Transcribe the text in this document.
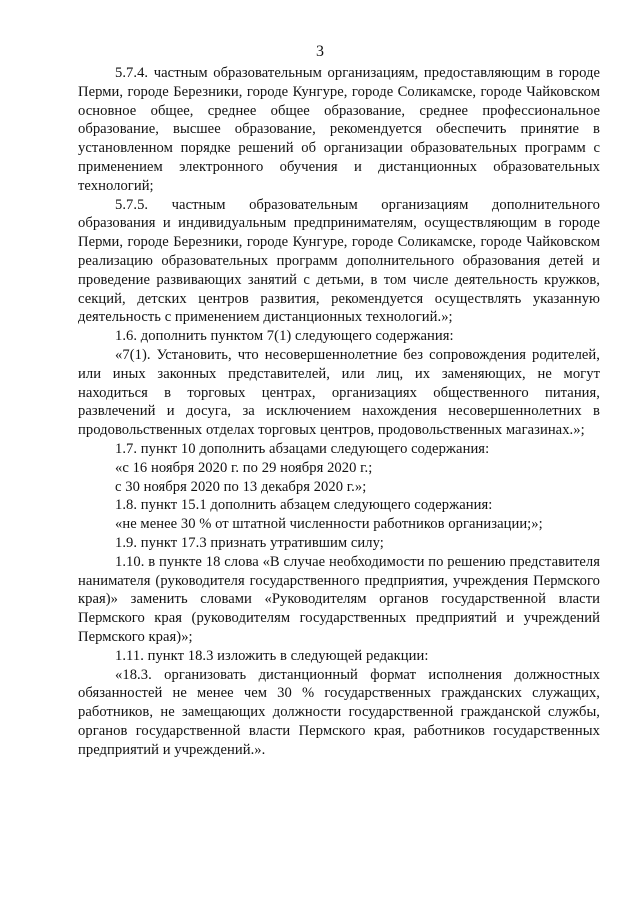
3

5.7.4. частным образовательным организациям, предоставляющим в городе Перми, городе Березники, городе Кунгуре, городе Соликамске, городе Чайковском основное общее, среднее общее образование, среднее профессиональное образование, высшее образование, рекомендуется обеспечить принятие в установленном порядке решений об организации образовательных программ с применением электронного обучения и дистанционных образовательных технологий;

5.7.5. частным образовательным организациям дополнительного образования и индивидуальным предпринимателям, осуществляющим в городе Перми, городе Березники, городе Кунгуре, городе Соликамске, городе Чайковском реализацию образовательных программ дополнительного образования детей и проведение развивающих занятий с детьми, в том числе деятельность кружков, секций, детских центров развития, рекомендуется осуществлять указанную деятельность с применением дистанционных технологий.»;

1.6. дополнить пунктом 7(1) следующего содержания:

«7(1). Установить, что несовершеннолетние без сопровождения родителей, или иных законных представителей, или лиц, их заменяющих, не могут находиться в торговых центрах, организациях общественного питания, развлечений и досуга, за исключением нахождения несовершеннолетних в продовольственных отделах торговых центров, продовольственных магазинах.»;

1.7. пункт 10 дополнить абзацами следующего содержания:

«с 16 ноября 2020 г. по 29 ноября 2020 г.;

с 30 ноября 2020 по 13 декабря 2020 г.»;

1.8. пункт 15.1 дополнить абзацем следующего содержания:

«не менее 30 % от штатной численности работников организации;»;

1.9. пункт 17.3 признать утратившим силу;

1.10. в пункте 18 слова «В случае необходимости по решению представителя нанимателя (руководителя государственного предприятия, учреждения Пермского края)» заменить словами «Руководителям органов государственной власти Пермского края (руководителям государственных предприятий и учреждений Пермского края)»;

1.11. пункт 18.3 изложить в следующей редакции:

«18.3. организовать дистанционный формат исполнения должностных обязанностей не менее чем 30 % государственных гражданских служащих, работников, не замещающих должности государственной гражданской службы, органов государственной власти Пермского края, работников государственных предприятий и учреждений.».
